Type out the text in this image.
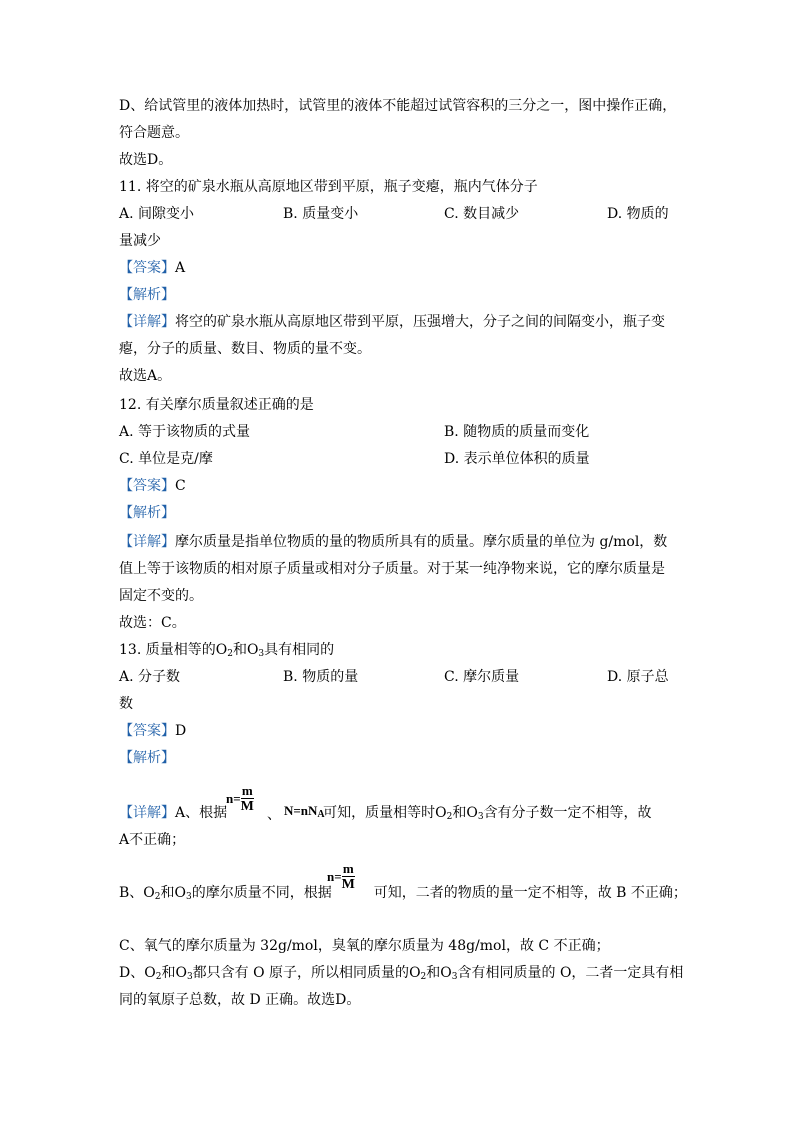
D、给试管里的液体加热时，试管里的液体不能超过试管容积的三分之一，图中操作正确，
符合题意。
故选D。
11. 将空的矿泉水瓶从高原地区带到平原，瓶子变瘪，瓶内气体分子
A. 间隙变小	B. 质量变小	C. 数目减少	D. 物质的
量减少
【答案】A
【解析】
【详解】将空的矿泉水瓶从高原地区带到平原，压强增大，分子之间的间隔变小，瓶子变
瘪，分子的质量、数目、物质的量不变。
故选A。
12. 有关摩尔质量叙述正确的是
A. 等于该物质的式量	B. 随物质的质量而变化
C. 单位是克/摩	D. 表示单位体积的质量
【答案】C
【解析】
【详解】摩尔质量是指单位物质的量的物质所具有的质量。摩尔质量的单位为 g/mol，数
值上等于该物质的相对原子质量或相对分子质量。对于某一纯净物来说，它的摩尔质量是
固定不变的。
故选：C。
13. 质量相等的$O_2$和$O_3$具有相同的
A. 分子数	B. 物质的量	C. 摩尔质量	D. 原子总
数
【答案】D
【解析】
【详解】A、根据	可知，质量相等时$O_2$和$O_3$含有分子数一定不相等，故
$n= \frac{m}{M}$
、 $N=nN_A$
A不正确；
B、$O_2$和$O_3$的摩尔质量不同，根据	可知，二者的物质的量一定不相等，故 B 不正确；
$n= \frac{m}{M}$
C、氧气的摩尔质量为 32g/mol，臭氧的摩尔质量为 48g/mol，故 C 不正确；
D、$O_2$和$O_3$都只含有 O 原子，所以相同质量的$O_2$和$O_3$含有相同质量的 O，二者一定具有相
同的氧原子总数，故 D 正确。故选D。
